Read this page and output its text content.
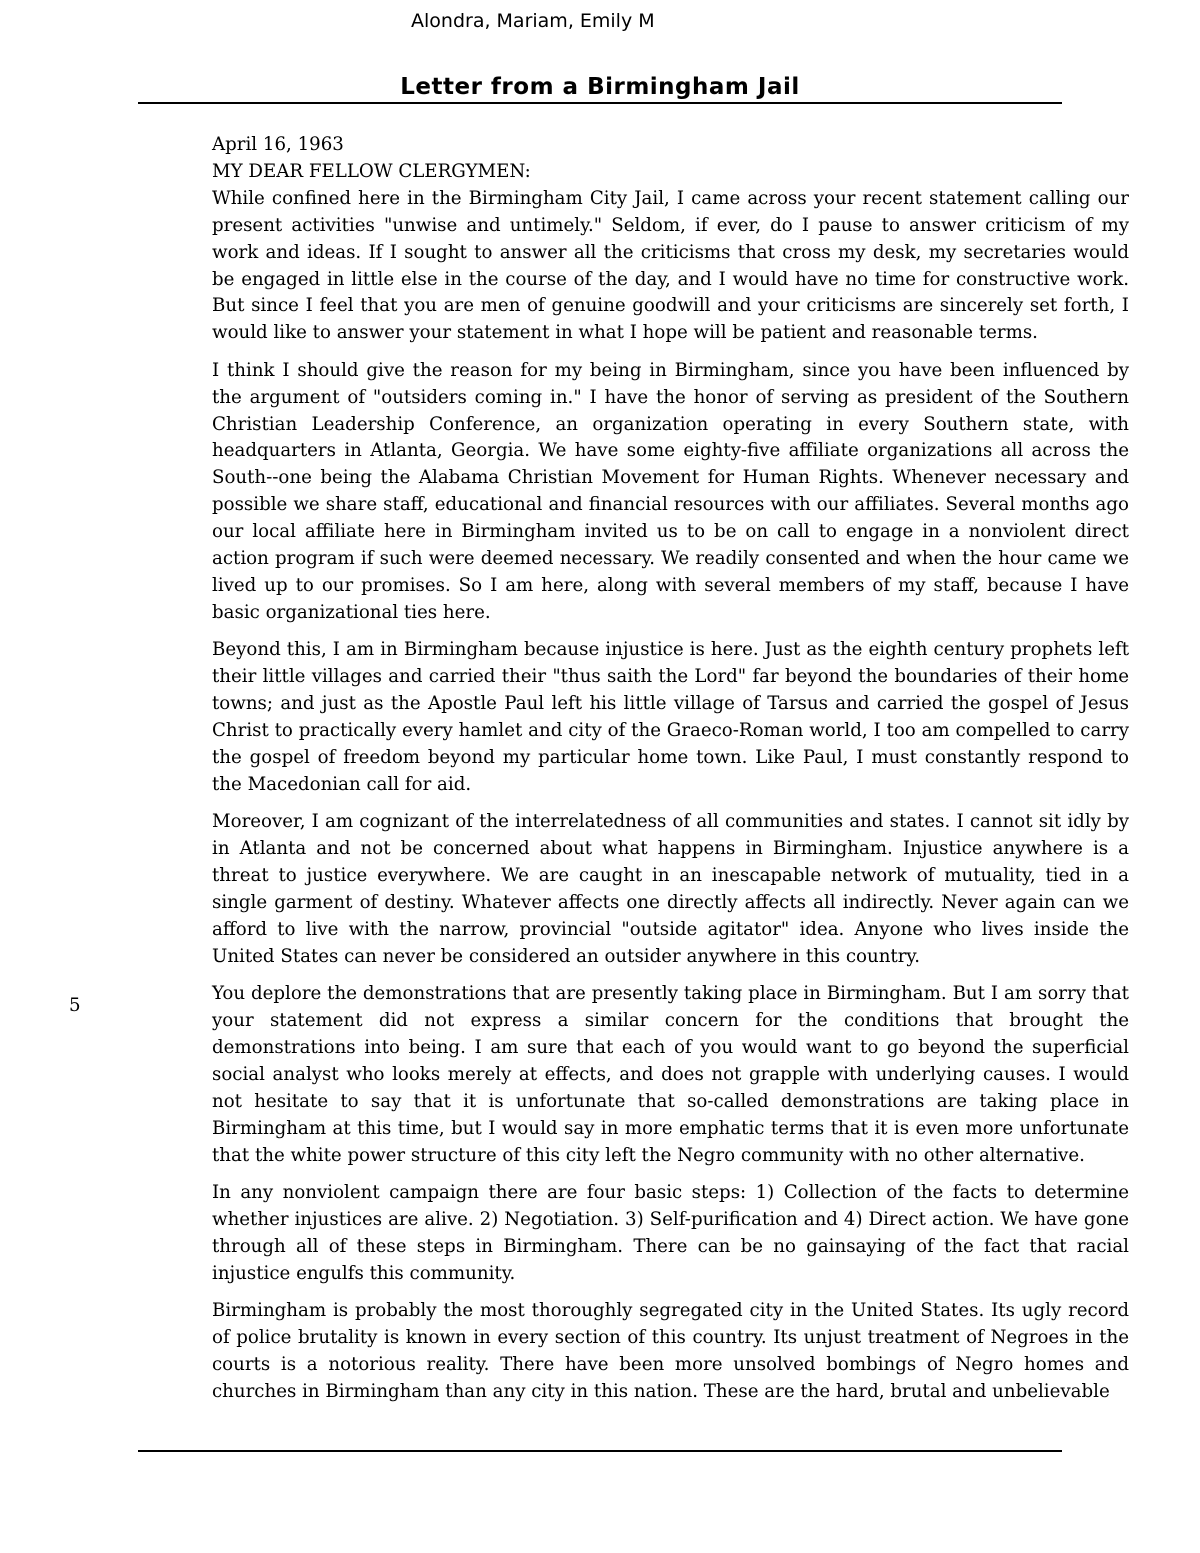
Alondra, Mariam, Emily M
Letter from a Birmingham Jail
5

April 16, 1963

MY DEAR FELLOW CLERGYMEN:

While confined here in the Birmingham City Jail, I came across your recent statement calling our present activities "unwise and untimely." Seldom, if ever, do I pause to answer criticism of my work and ideas. If I sought to answer all the criticisms that cross my desk, my secretaries would be engaged in little else in the course of the day, and I would have no time for constructive work. But since I feel that you are men of genuine goodwill and your criticisms are sincerely set forth, I would like to answer your statement in what I hope will be patient and reasonable terms.

I think I should give the reason for my being in Birmingham, since you have been influenced by the argument of "outsiders coming in." I have the honor of serving as president of the Southern Christian Leadership Conference, an organization operating in every Southern state, with headquarters in Atlanta, Georgia. We have some eighty-five affiliate organizations all across the South--one being the Alabama Christian Movement for Human Rights. Whenever necessary and possible we share staff, educational and financial resources with our affiliates. Several months ago our local affiliate here in Birmingham invited us to be on call to engage in a nonviolent direct action program if such were deemed necessary. We readily consented and when the hour came we lived up to our promises. So I am here, along with several members of my staff, because I have basic organizational ties here.

Beyond this, I am in Birmingham because injustice is here. Just as the eighth century prophets left their little villages and carried their "thus saith the Lord" far beyond the boundaries of their home towns; and just as the Apostle Paul left his little village of Tarsus and carried the gospel of Jesus Christ to practically every hamlet and city of the Graeco-Roman world, I too am compelled to carry the gospel of freedom beyond my particular home town. Like Paul, I must constantly respond to the Macedonian call for aid.

Moreover, I am cognizant of the interrelatedness of all communities and states. I cannot sit idly by in Atlanta and not be concerned about what happens in Birmingham. Injustice anywhere is a threat to justice everywhere. We are caught in an inescapable network of mutuality, tied in a single garment of destiny. Whatever affects one directly affects all indirectly. Never again can we afford to live with the narrow, provincial "outside agitator" idea. Anyone who lives inside the United States can never be considered an outsider anywhere in this country.

You deplore the demonstrations that are presently taking place in Birmingham. But I am sorry that your statement did not express a similar concern for the conditions that brought the demonstrations into being. I am sure that each of you would want to go beyond the superficial social analyst who looks merely at effects, and does not grapple with underlying causes. I would not hesitate to say that it is unfortunate that so-called demonstrations are taking place in Birmingham at this time, but I would say in more emphatic terms that it is even more unfortunate that the white power structure of this city left the Negro community with no other alternative.

In any nonviolent campaign there are four basic steps: 1) Collection of the facts to determine whether injustices are alive. 2) Negotiation. 3) Self-purification and 4) Direct action. We have gone through all of these steps in Birmingham. There can be no gainsaying of the fact that racial injustice engulfs this community.

Birmingham is probably the most thoroughly segregated city in the United States. Its ugly record of police brutality is known in every section of this country. Its unjust treatment of Negroes in the courts is a notorious reality. There have been more unsolved bombings of Negro homes and churches in Birmingham than any city in this nation. These are the hard, brutal and unbelievable
